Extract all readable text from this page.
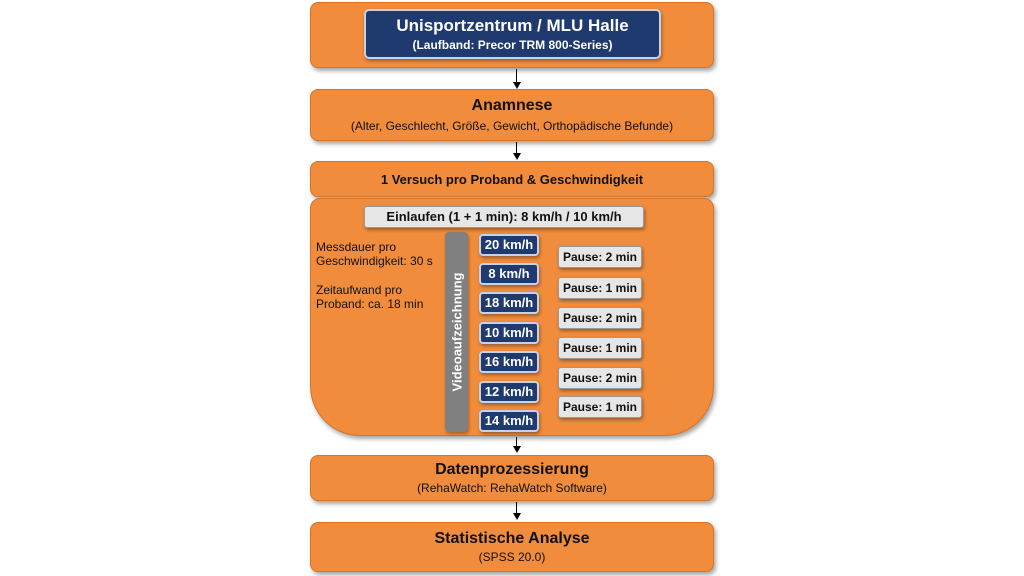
Unisportzentrum / MLU Halle
(Laufband: Precor TRM 800-Series)
Anamnese
(Alter, Geschlecht, Größe, Gewicht, Orthopädische Befunde)
1 Versuch pro Proband & Geschwindigkeit
Einlaufen (1 + 1 min): 8 km/h / 10 km/h
Messdauer pro
Geschwindigkeit: 30 s
Zeitaufwand pro
Proband: ca. 18 min Videoaufzeichnung
20 km/h
8 km/h
18 km/h
10 km/h
16 km/h
12 km/h
14 km/h
Pause: 2 min
Pause: 1 min
Pause: 2 min
Pause: 1 min
Pause: 2 min
Pause: 1 min
Datenprozessierung
(RehaWatch: RehaWatch Software)
Statistische Analyse
(SPSS 20.0)
